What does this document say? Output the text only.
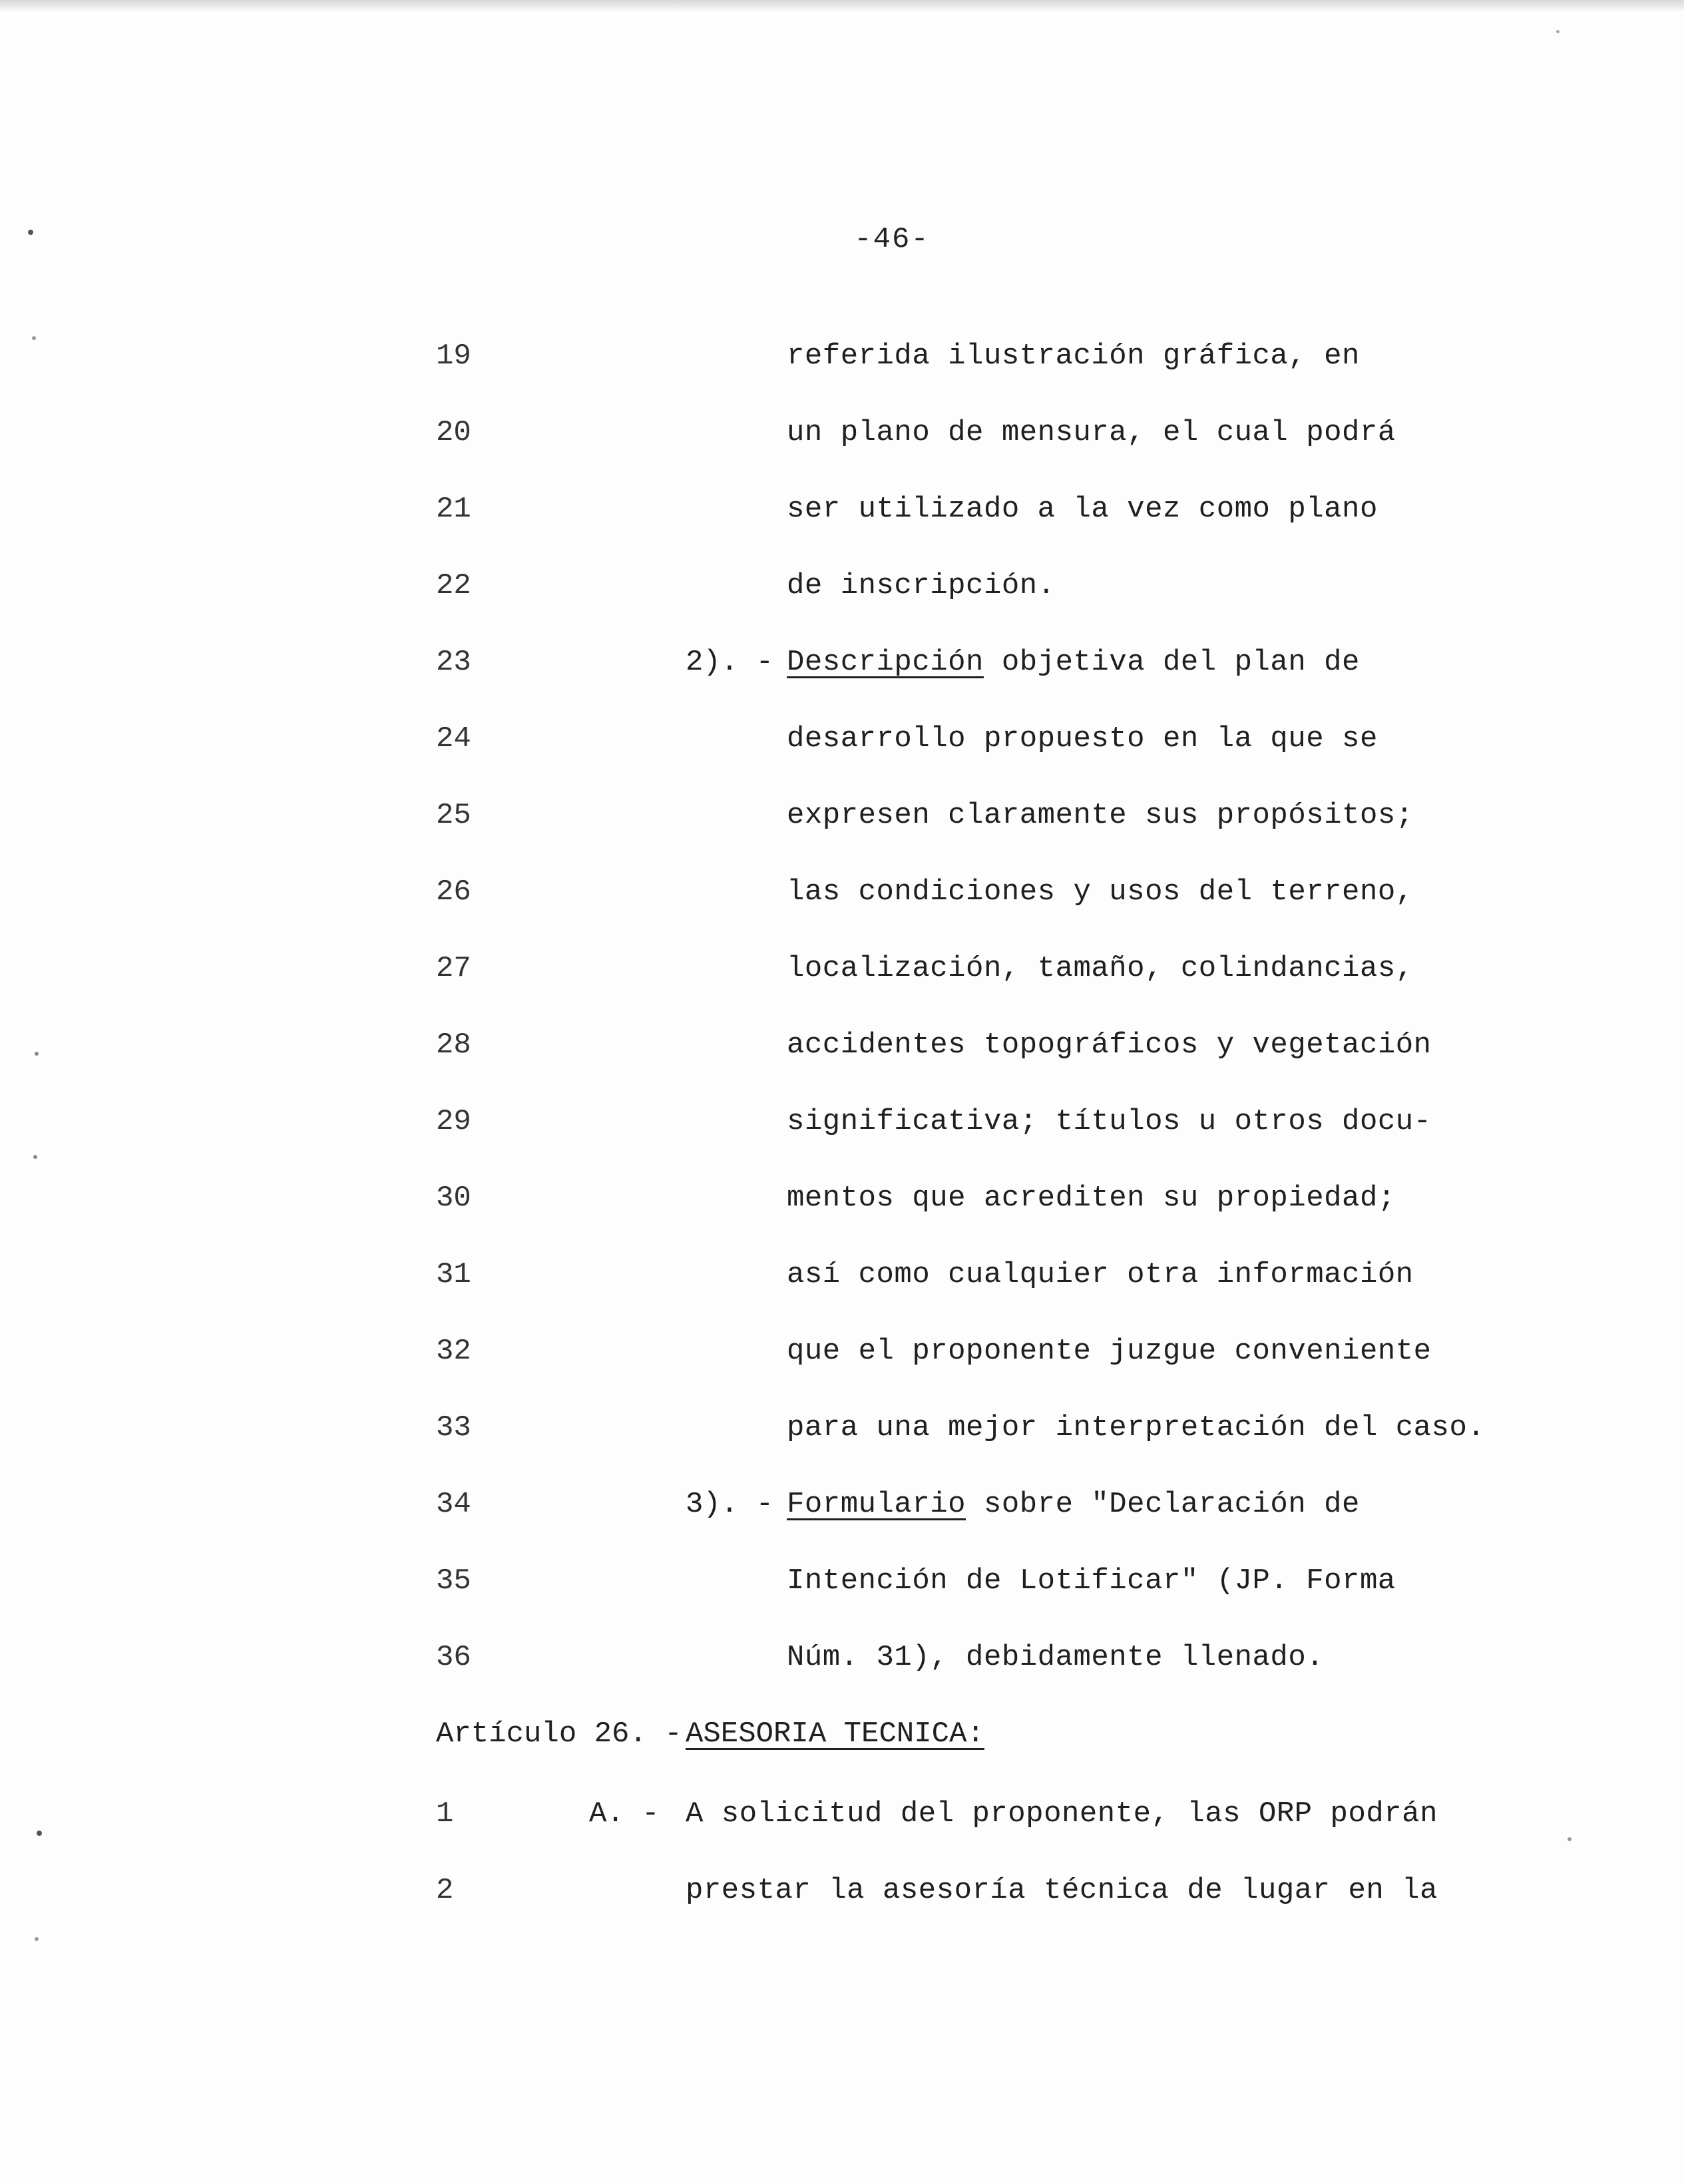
-46-
19	referida ilustración gráfica, en
20	un plano de mensura, el cual podrá
21	ser utilizado a la vez como plano
22	de inscripción.
23	2). - Descripción objetiva del plan de
24	desarrollo propuesto en la que se
25	expresen claramente sus propósitos;
26	las condiciones y usos del terreno,
27	localización, tamaño, colindancias,
28	accidentes topográficos y vegetación
29	significativa; títulos u otros docu-
30	mentos que acrediten su propiedad;
31	así como cualquier otra información
32	que el proponente juzgue conveniente
33	para una mejor interpretación del caso.
34	3). - Formulario sobre "Declaración de
35	Intención de Lotificar" (JP. Forma
36	Núm. 31), debidamente llenado.
Artículo 26. - ASESORIA TECNICA:
1	A. - A solicitud del proponente, las ORP podrán
2	prestar la asesoría técnica de lugar en la
